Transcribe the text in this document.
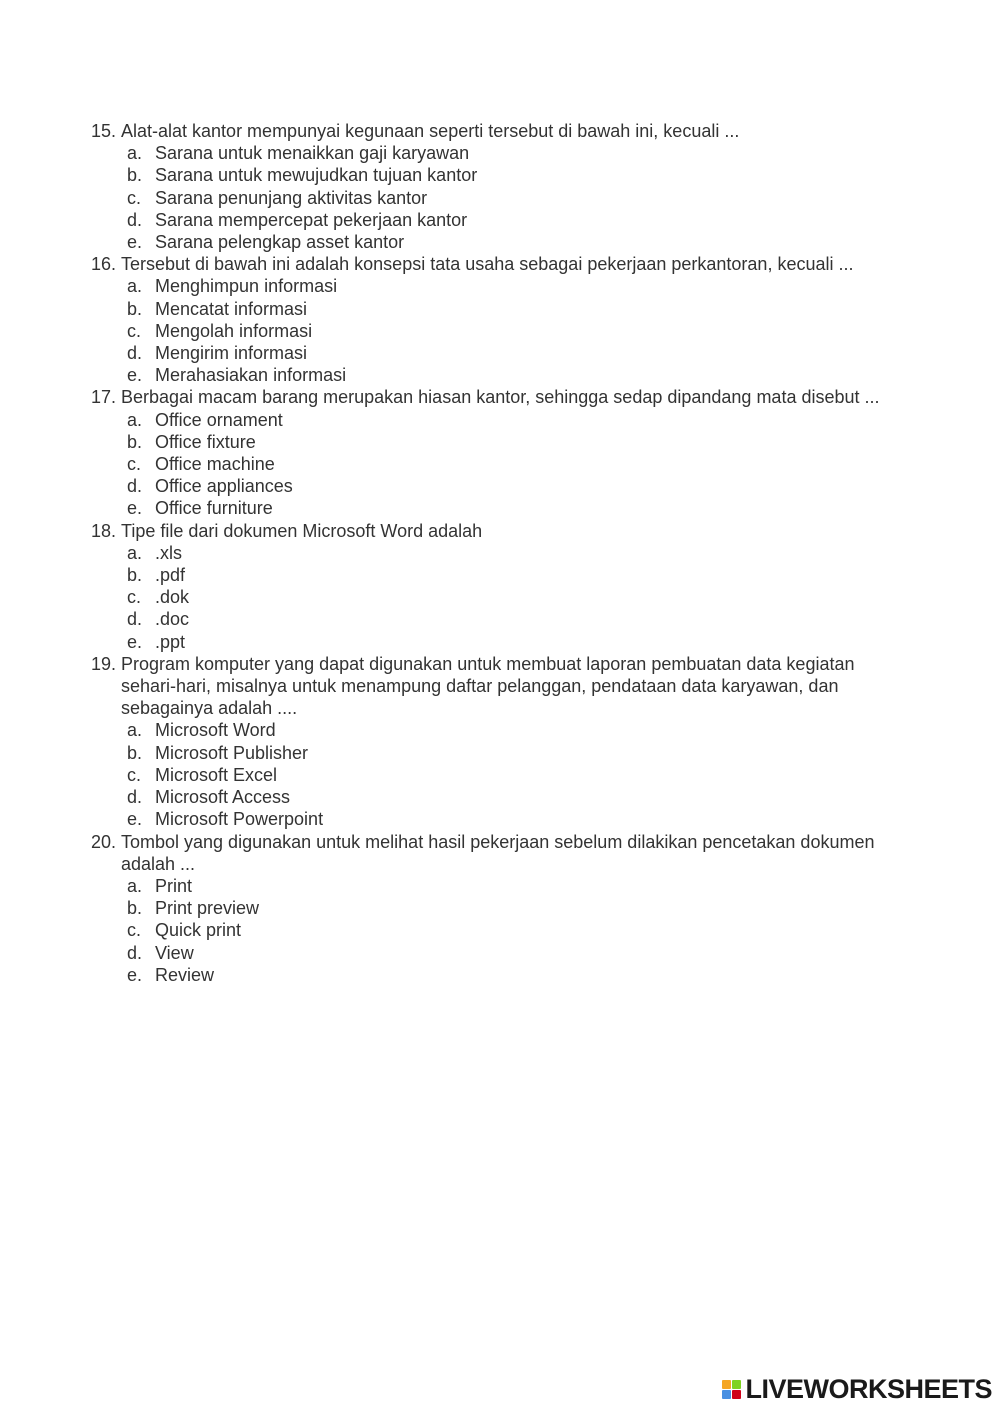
15. Alat-alat kantor mempunyai kegunaan seperti tersebut di bawah ini, kecuali ...
a. Sarana untuk menaikkan gaji karyawan
b. Sarana untuk mewujudkan tujuan kantor
c. Sarana penunjang aktivitas kantor
d. Sarana mempercepat pekerjaan kantor
e. Sarana pelengkap asset kantor
16. Tersebut di bawah ini adalah konsepsi tata usaha sebagai pekerjaan perkantoran, kecuali ...
a. Menghimpun informasi
b. Mencatat informasi
c. Mengolah informasi
d. Mengirim informasi
e. Merahasiakan informasi
17. Berbagai macam barang merupakan hiasan kantor, sehingga sedap dipandang mata disebut ...
a. Office ornament
b. Office fixture
c. Office machine
d. Office appliances
e. Office furniture
18. Tipe file dari dokumen Microsoft Word adalah
a. .xls
b. .pdf
c. .dok
d. .doc
e. .ppt
19. Program komputer yang dapat digunakan untuk membuat laporan pembuatan data kegiatan sehari-hari, misalnya untuk menampung daftar pelanggan, pendataan data karyawan, dan sebagainya adalah ....
a. Microsoft Word
b. Microsoft Publisher
c. Microsoft Excel
d. Microsoft Access
e. Microsoft Powerpoint
20. Tombol yang digunakan untuk melihat hasil pekerjaan sebelum dilakikan pencetakan dokumen adalah ...
a. Print
b. Print preview
c. Quick print
d. View
e. Review
LIVEWORKSHEETS
